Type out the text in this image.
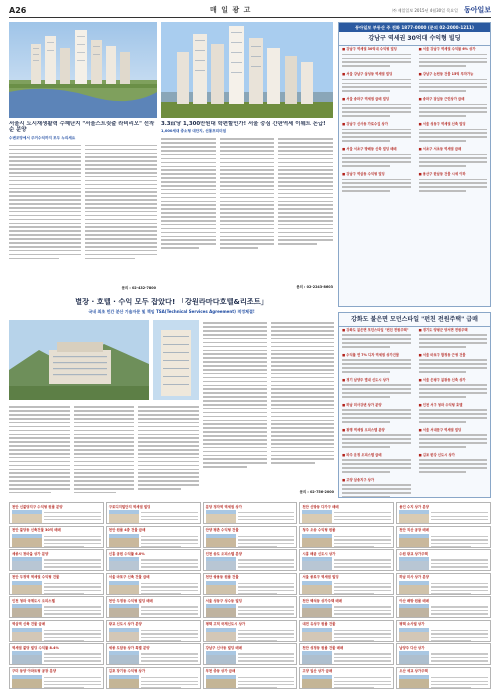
A26	매 일 광 고	㈜ 제일일보 2015년 4월30일 목요일 동아일보
서울시 도시재생활력 수혜단지 "서울스트릿출 라비리오" 선착순 분양
수변조망에서 주거수익까지 모두 누리세요
3.3㎡당 1,300만원대 학편할인가! 서울 중심 간판역세 이웨트 논급!
1,000세대 중소형 대단지, 선통프리미엄
문의 : 02-2243-8603
문의 : 02-432-7800
동아일보 부동산 주 전화 1877-0000 (문의 02-2000-1211)
강남구 역세권 30억대 수익형 빌딩
■ 강남구 역세권 30억대 수익형 빌딩	■ 서울 강남구 역세권 수익률 6% 상가
■ 서울 강남구 삼성동 역세권 빌딩	■ 강남구 논현동 건물 15억 투자가능
■ 서울 송파구 역세권 급매 빌딩	■ 송파구 잠실동 근린상가 급매
■ 강남구 신사동 가로수길 상가	■ 서울 성동구 역세권 신축 빌딩
■ 서울 서초구 방배동 신축 빌딩 매매	■ 서초구 서초동 역세권 급매
■ 강남구 역삼동 수익형 빌딩	■ 용산구 한남동 건물 시세 이하
별장 · 호텔 · 수익 모두 잡았다! 「강원라마다호텔&리조트」
국내 최초 민간 분산 기술자문 및 책임 TSA(Technical Services Agreement) 적정체결!
문의 : 02-756-2000
강화도 불은면 모던스타일 "펀친 전원주택" 급매
■ 강화도 불은면 모던스타일 "펀친 전원주택"	■ 경기도 양평군 양서면 전원주택
■ 수익률 연 7% 디자 역세권 상가건물	■ 서울 마포구 합정동 근생 건물
■ 경기 남양주 별내 신도시 상가	■ 서울 은평구 불광동 신축 상가
■ 하남 미사강변 상가 분양	■ 인천 서구 청라 수익형 호텔
■ 광명 역세권 오피스텔 분양	■ 서울 서대문구 역세권 빌딩
■ 파주 운정 오피스텔 급매	■ 김포 한강 신도시 상가
■ 고양 삼송지구 상가
천안 신불당지구 수익형 원룸 분양
천안 불당동 신축건물 30억 매매
세종시 첫마을 상가 분양
천안 두정역 역세권 수익형 건물
인천 청라 국제도시 오피스텔
역삼역 신축 건물 급매
역세권 불당 빌딩 수익률 8.4%
구미 동양 아파트형 공장 분양
구로디지털단지 역세권 빌딩
천안 원룸 4층 건물 급매
신흥 공원 수익률 6.0%
서울 마포구 신축 건물 급매
천안 두정동 수익형 빌딩 매매
광교 신도시 상가 분양
세종 도담동 상가 특별 분양
김포 장기동 수익형 상가
분당 정자역 역세권 상가
안양 평촌 수익형 건물
인천 송도 오피스텔 분양
천안 쌍용동 원룸 건물
서울 성동구 성수동 빌딩
평택 고덕 국제신도시 상가
강남구 신사동 빌딩 매매
부천 중동 상가 급매
천안 신방동 다가구 매매
청주 오송 수익형 원룸
시흥 배곧 신도시 상가
서울 종로구 역세권 빌딩
천안 백석동 상가주택 매매
대전 유성구 원룸 건물
천안 성정동 원룸 건물 매매
고양 일산 상가 급매
용인 수지 상가 분양
천안 직산 공장 매매
수원 광교 상가주택
하남 미사 상가 분양
아산 배방 원룸 매매
평택 소사벌 상가
남양주 다산 상가
오산 세교 상가주택
